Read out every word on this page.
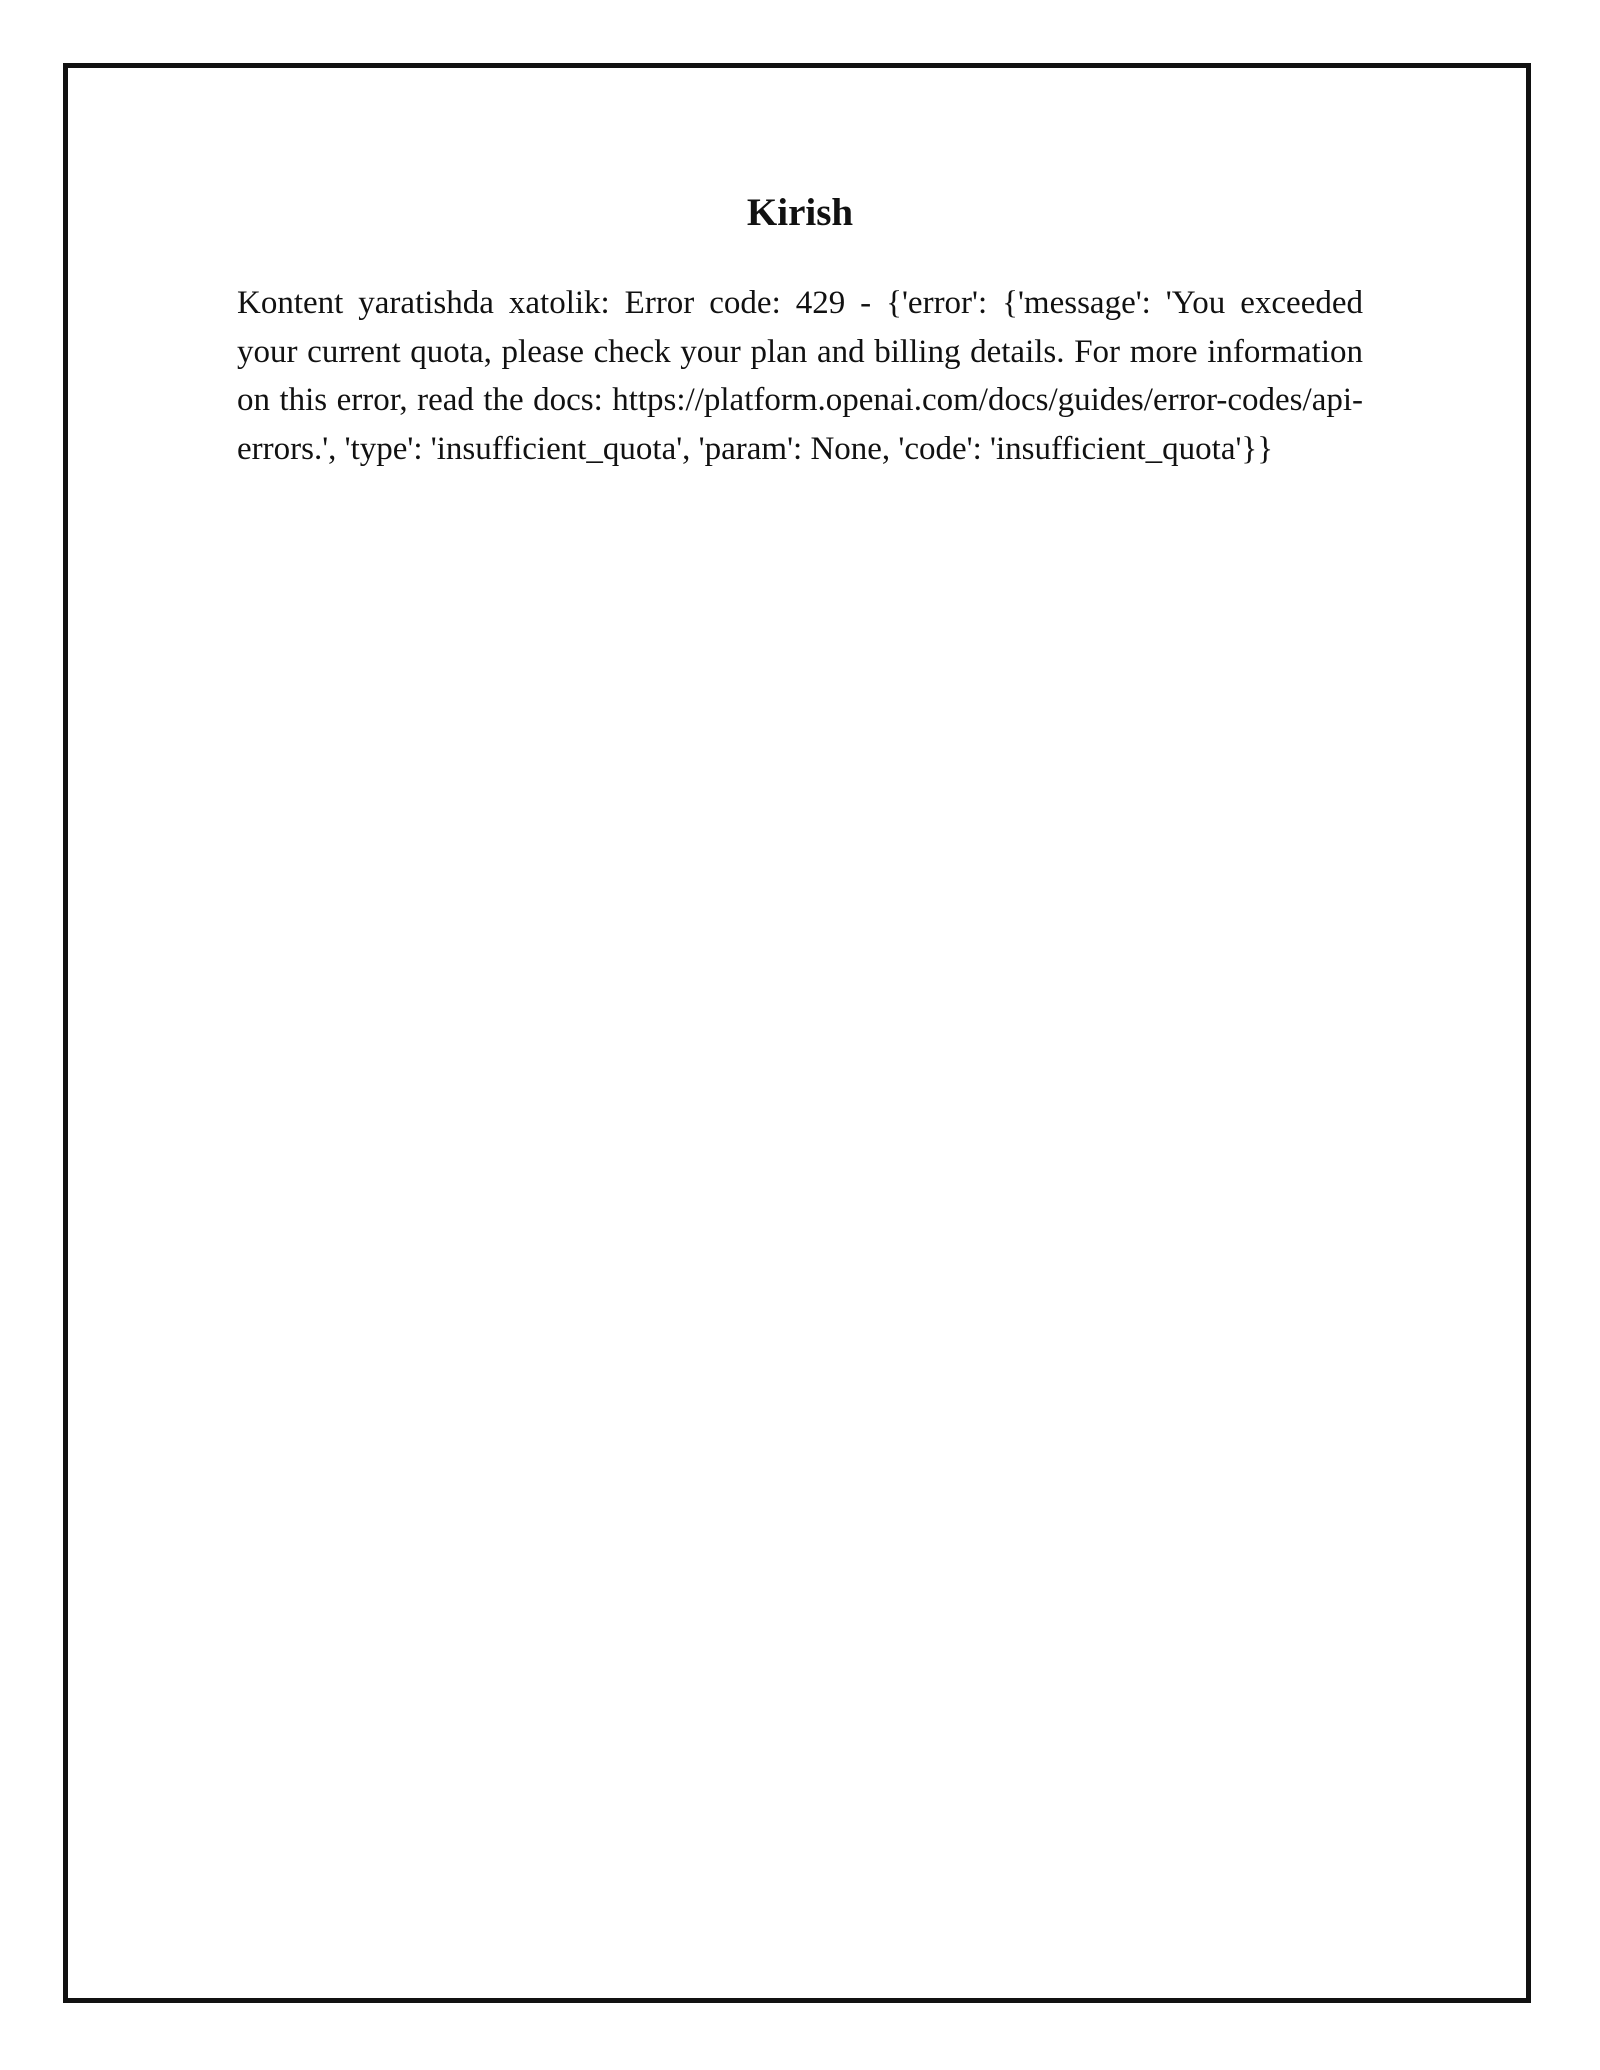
Kirish

Kontent yaratishda xatolik: Error code: 429 - {'error': {'message': 'You exceeded your current quota, please check your plan and billing details. For more information on this error, read the docs: https://platform.openai.com/docs/guides/error-codes/api-errors.', 'type': 'insufficient_quota', 'param': None, 'code': 'insufficient_quota'}}
